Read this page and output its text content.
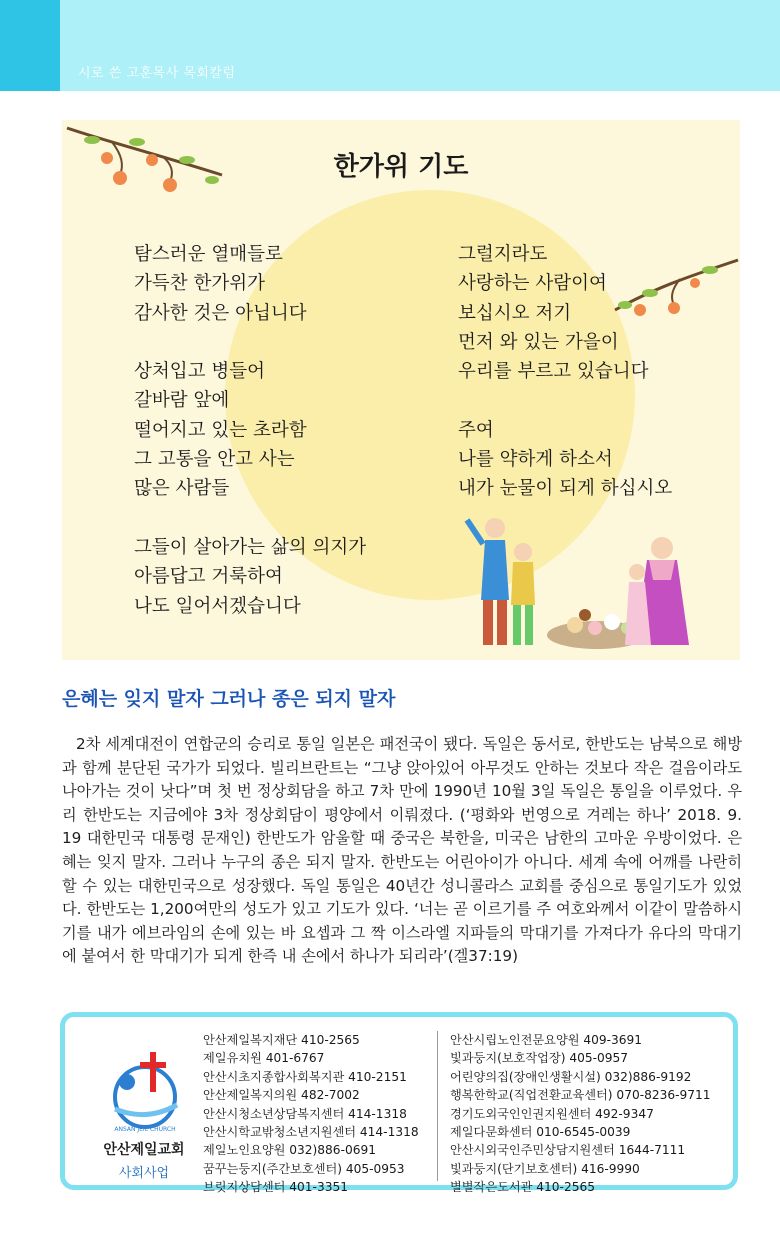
시로 쓴 고훈목사 목회칼럼
한가위 기도
탐스러운 열매들로
가득찬 한가위가
감사한 것은 아닙니다
상처입고 병들어
갈바람 앞에
떨어지고 있는 초라함
그 고통을 안고 사는
많은 사람들
그들이 살아가는 삶의 의지가
아름답고 거룩하여
나도 일어서겠습니다
그럴지라도
사랑하는 사람이여
보십시오 저기
먼저 와 있는 가을이
우리를 부르고 있습니다
주여
나를 약하게 하소서
내가 눈물이 되게 하십시오
은혜는 잊지 말자 그러나 종은 되지 말자
2차 세계대전이 연합군의 승리로 통일 일본은 패전국이 됐다. 독일은 동서로, 한반도는 남북으로 해방과 함께 분단된 국가가 되었다. 빌리브란트는 “그냥 앉아있어 아무것도 안하는 것보다 작은 걸음이라도 나아가는 것이 낫다”며 첫 번 정상회담을 하고 7차 만에 1990년 10월 3일 독일은 통일을 이루었다. 우리 한반도는 지금에야 3차 정상회담이 평양에서 이뤄졌다. (‘평화와 번영으로 겨레는 하나’ 2018. 9. 19 대한민국 대통령 문재인) 한반도가 암울할 때 중국은 북한을, 미국은 남한의 고마운 우방이었다. 은혜는 잊지 말자. 그러나 누구의 종은 되지 말자. 한반도는 어린아이가 아니다. 세계 속에 어깨를 나란히 할 수 있는 대한민국으로 성장했다. 독일 통일은 40년간 성니콜라스 교회를 중심으로 통일기도가 있었다. 한반도는 1,200여만의 성도가 있고 기도가 있다. ‘너는 곧 이르기를 주 여호와께서 이같이 말씀하시기를 내가 에브라임의 손에 있는 바 요셉과 그 짝 이스라엘 지파들의 막대기를 가져다가 유다의 막대기에 붙여서 한 막대기가 되게 한즉 내 손에서 하나가 되리라’(겔37:19)
ANSAN JEIL CHURCH
안산제일교회
사회사업
안산제일복지재단 410-2565
제일유치원 401-6767
안산시초지종합사회복지관 410-2151
안산제일복지의원 482-7002
안산시청소년상담복지센터 414-1318
안산시학교밖청소년지원센터 414-1318
제일노인요양원 032)886-0691
꿈꾸는둥지(주간보호센터) 405-0953
브릿지상담센터 401-3351
안산시립노인전문요양원 409-3691
빛과둥지(보호작업장) 405-0957
어린양의집(장애인생활시설) 032)886-9192
행복한학교(직업전환교육센터) 070-8236-9711
경기도외국인인권지원센터 492-9347
제일다문화센터 010-6545-0039
안산시외국인주민상담지원센터 1644-7111
빛과둥지(단기보호센터) 416-9990
별별작은도서관 410-2565
